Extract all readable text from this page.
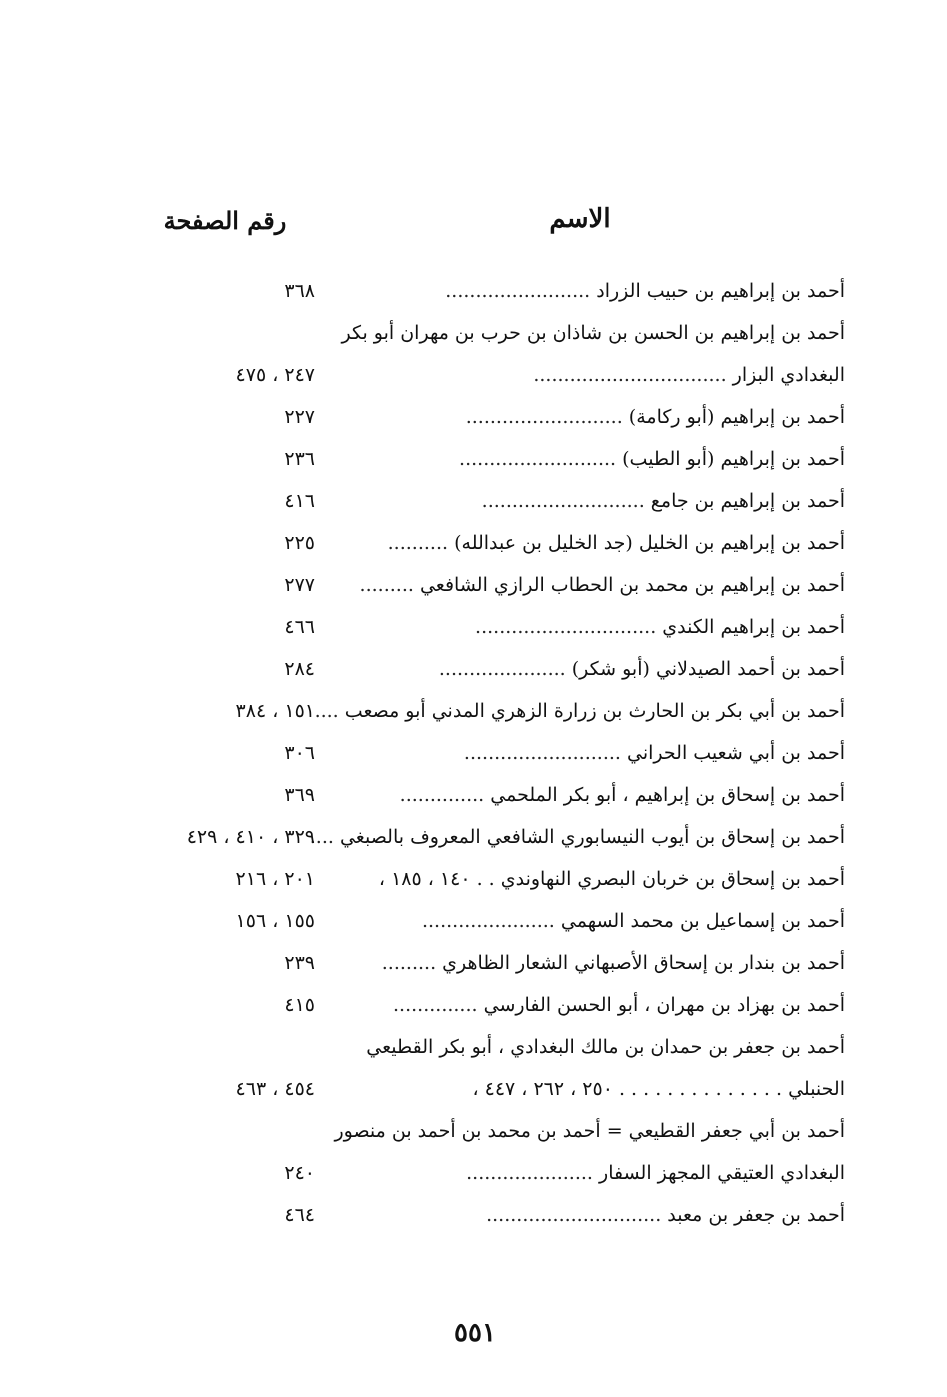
الاسم
رقم الصفحة
أحمد بن إبراهيم بن حبيب الزراد ........................
٣٦٨
أحمد بن إبراهيم بن الحسن بن شاذان بن حرب بن مهران أبو بكر
البغدادي البزار ................................
٢٤٧ ، ٤٧٥
أحمد بن إبراهيم (أبو ركامة) ..........................
٢٢٧
أحمد بن إبراهيم (أبو الطيب) ..........................
٢٣٦
أحمد بن إبراهيم بن جامع ...........................
٤١٦
أحمد بن إبراهيم بن الخليل (جد الخليل بن عبدالله) ..........
٢٢٥
أحمد بن إبراهيم بن محمد بن الحطاب الرازي الشافعي .........
٢٧٧
أحمد بن إبراهيم الكندي ..............................
٤٦٦
أحمد بن أحمد الصيدلاني (أبو شكر) .....................
٢٨٤
أحمد بن أبي بكر بن الحارث بن زرارة الزهري المدني أبو مصعب ....
١٥١ ، ٣٨٤
أحمد بن أبي شعيب الحراني ..........................
٣٠٦
أحمد بن إسحاق بن إبراهيم ، أبو بكر الملحمي ..............
٣٦٩
أحمد بن إسحاق بن أيوب النيسابوري الشافعي المعروف بالصبغي ....
٣٢٩ ، ٤١٠ ، ٤٢٩
أحمد بن إسحاق بن خربان البصري النهاوندي . . ١٤٠ ، ١٨٥ ،
٢٠١ ، ٢١٦
أحمد بن إسماعيل بن محمد السهمي ......................
١٥٥ ، ١٥٦
أحمد بن بندار بن إسحاق الأصبهاني الشعار الظاهري .........
٢٣٩
أحمد بن بهزاد بن مهران ، أبو الحسن الفارسي ..............
٤١٥
أحمد بن جعفر بن حمدان بن مالك البغدادي ، أبو بكر القطيعي
الحنبلي . . . . . . . . . . . . . . ٢٥٠ ، ٢٦٢ ، ٤٤٧ ،
٤٥٤ ، ٤٦٣
أحمد بن أبي جعفر القطيعي = أحمد بن محمد بن أحمد بن منصور
البغدادي العتيقي المجهز السفار .....................
٢٤٠
أحمد بن جعفر بن معبد .............................
٤٦٤
٥٥١
